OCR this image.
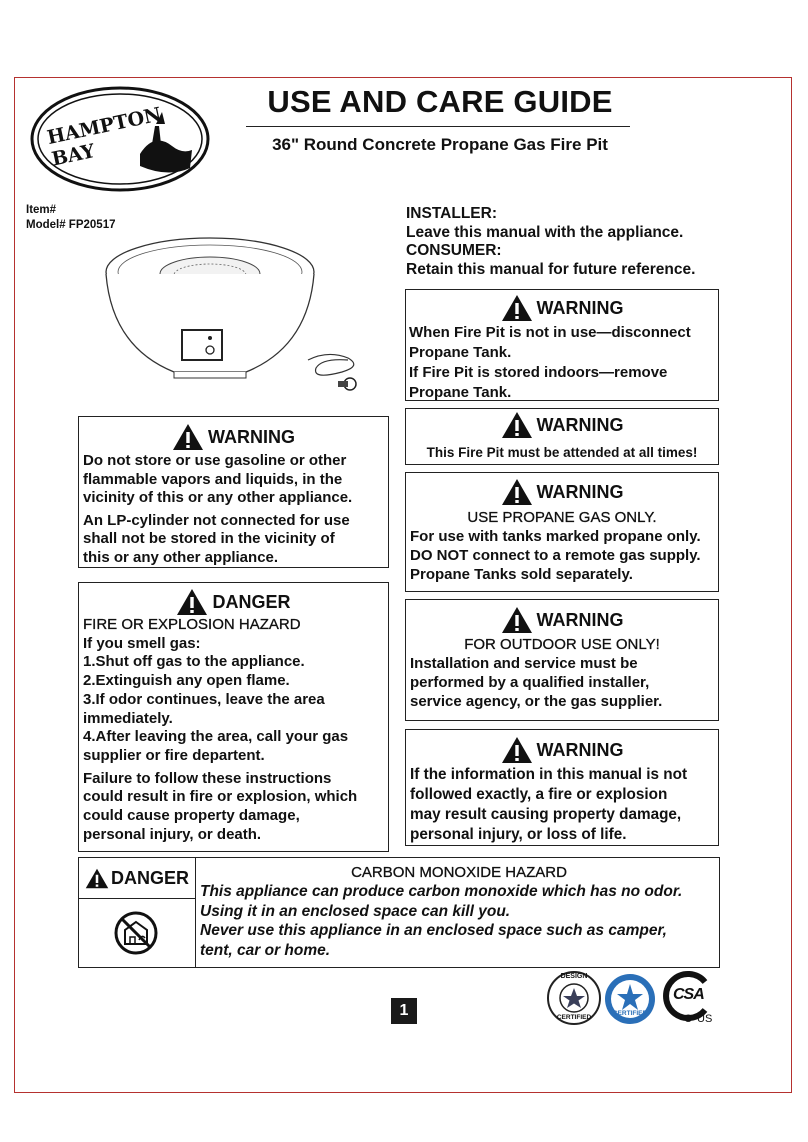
HAMPTON BAY
USE AND CARE GUIDE
36" Round Concrete Propane Gas Fire Pit
Item#
Model# FP20517
INSTALLER:
Leave this manual with the appliance.
CONSUMER:
Retain this manual for future reference.
WARNING
When Fire Pit is not in use—disconnect
Propane Tank.
If Fire Pit is stored indoors—remove
Propane Tank.
WARNING
This Fire Pit must be attended at all times!
WARNING
USE PROPANE GAS ONLY.
For use with tanks marked propane only.
DO NOT connect to a remote gas supply.
Propane Tanks sold separately.
WARNING
FOR OUTDOOR USE ONLY!
Installation and service must be
performed by a qualified installer,
service agency, or the gas supplier.
WARNING
If the information in this manual is not
followed exactly, a fire or explosion
may result causing property damage,
personal injury, or loss of life.
WARNING
Do not store or use gasoline or other
flammable vapors and liquids, in the
vicinity of this or any other appliance.
An LP-cylinder not connected for use
shall not be stored in the vicinity of
this or any other appliance.
DANGER
FIRE OR EXPLOSION HAZARD
If you smell gas:
1.Shut off gas to the appliance.
2.Extinguish any open flame.
3.If odor continues, leave the area
immediately.
4.After leaving the area, call your gas
supplier or fire departent.
Failure to follow these instructions
could result in fire or explosion, which
could cause property damage,
personal injury, or death.
DANGER	CARBON MONOXIDE HAZARD
This appliance can produce carbon monoxide which has no odor.
Using it in an enclosed space can kill you.
Never use this appliance in an enclosed space such as camper,
tent, car or home.
1
DESIGN
CERTIFIED
CERTIFIED
CSA
C US
